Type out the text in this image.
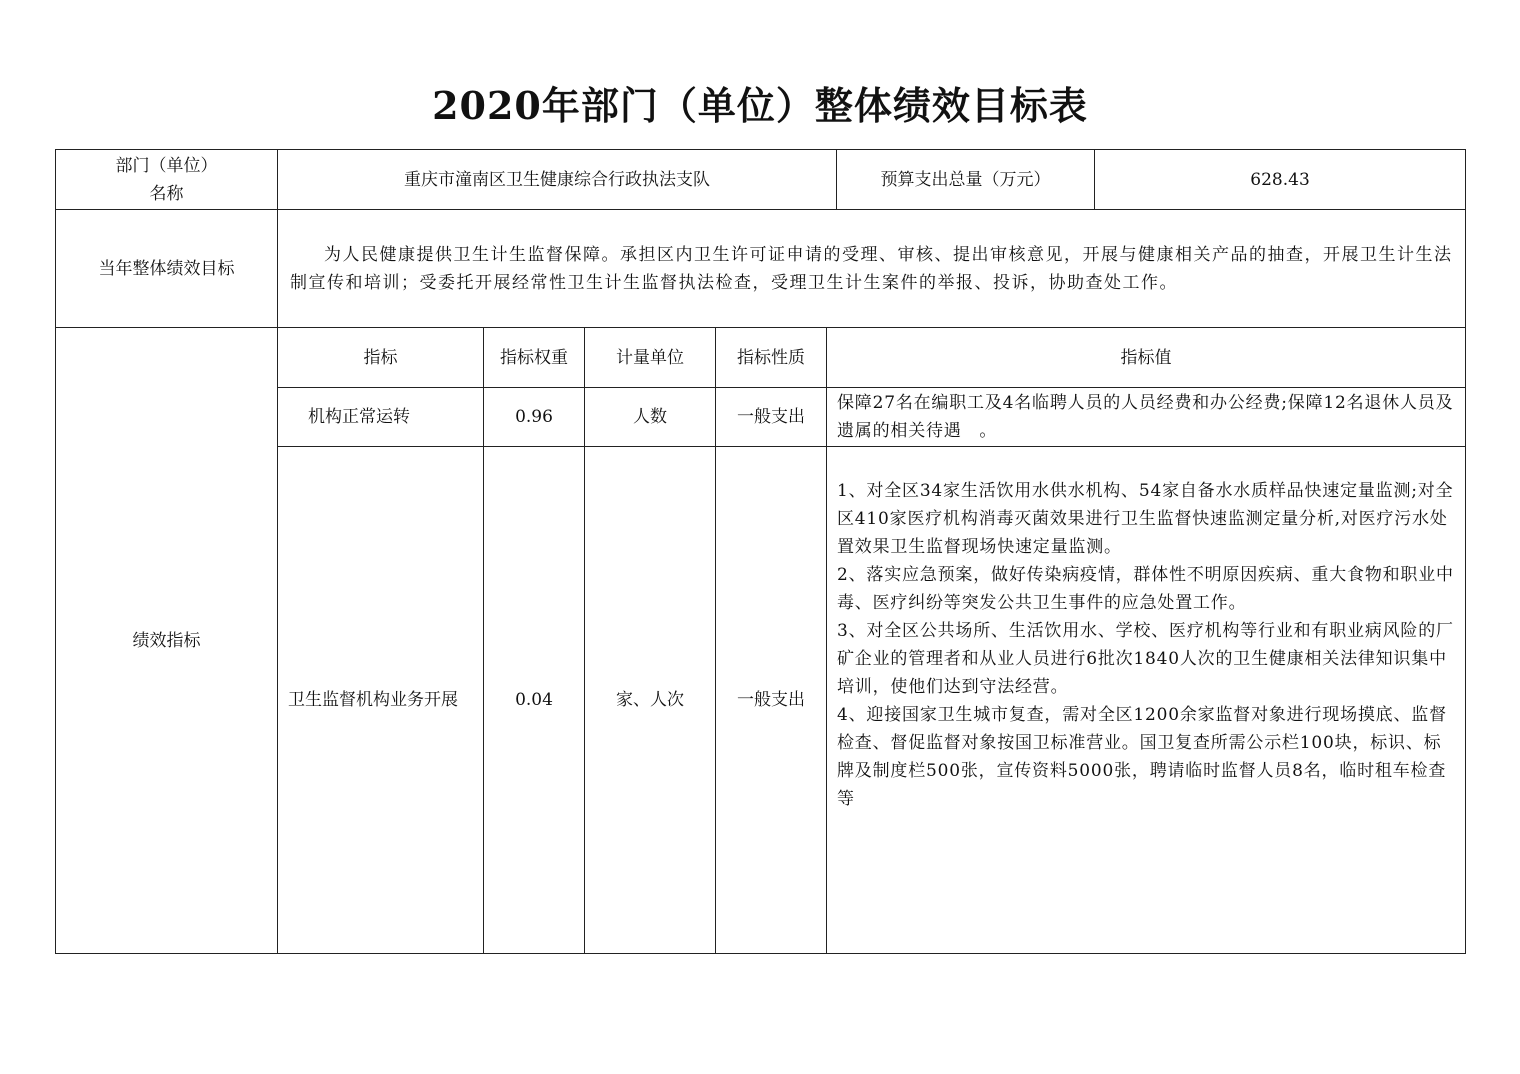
2020年部门（单位）整体绩效目标表
部门（单位）
名称	重庆市潼南区卫生健康综合行政执法支队					预算支出总量（万元）	628.43
当年整体绩效目标	为人民健康提供卫生计生监督保障。承担区内卫生许可证申请的受理、审核、提出审核意见，开展与健康相关产品的抽查，开展卫生计生法制宣传和培训；受委托开展经常性卫生计生监督执法检查，受理卫生计生案件的举报、投诉，协助查处工作。						

绩效指标	指标	指标权重	计量单位	指标性质	指标值		
	机构正常运转	0.96	人数	一般支出	保障27名在编职工及4名临聘人员的人员经费和办公经费;保障12名退休人员及遗属的相关待遇　。		

	卫生监督机构业务开展	0.04	家、人次	一般支出	1、对全区34家生活饮用水供水机构、54家自备水水质样品快速定量监测;对全区410家医疗机构消毒灭菌效果进行卫生监督快速监测定量分析,对医疗污水处置效果卫生监督现场快速定量监测。
2、落实应急预案，做好传染病疫情，群体性不明原因疾病、重大食物和职业中毒、医疗纠纷等突发公共卫生事件的应急处置工作。
3、对全区公共场所、生活饮用水、学校、医疗机构等行业和有职业病风险的厂矿企业的管理者和从业人员进行6批次1840人次的卫生健康相关法律知识集中培训，使他们达到守法经营。
4、迎接国家卫生城市复查，需对全区1200余家监督对象进行现场摸底、监督检查、督促监督对象按国卫标准营业。国卫复查所需公示栏100块，标识、标牌及制度栏500张，宣传资料5000张，聘请临时监督人员8名，临时租车检查等		
